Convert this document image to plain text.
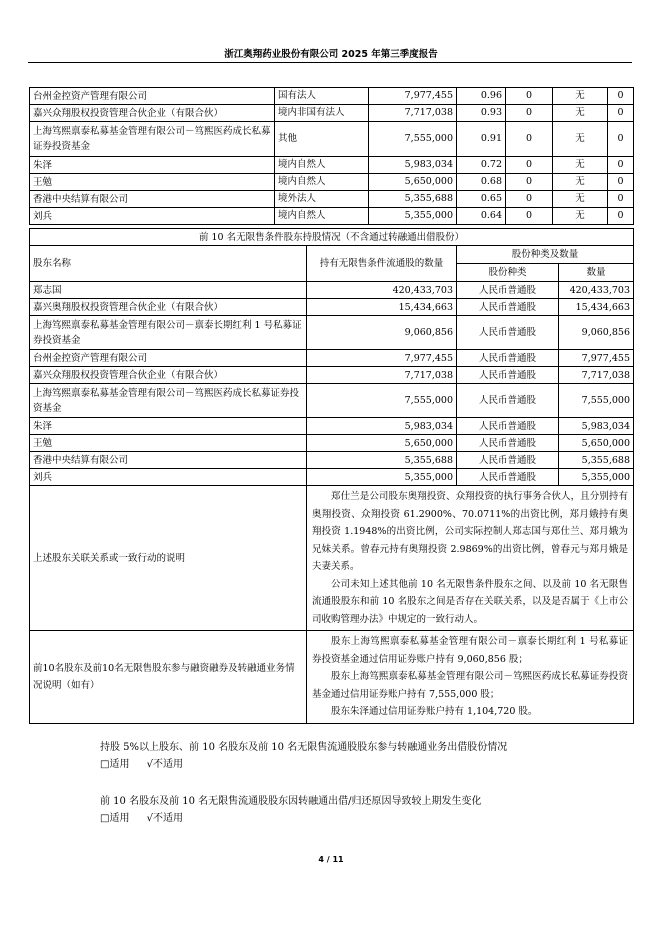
浙江奥翔药业股份有限公司 2025 年第三季度报告
台州金控资产管理有限公司	国有法人	7,977,455	0.96	0	无	0
嘉兴众翔股权投资管理合伙企业（有限合伙）	境内非国有法人	7,717,038	0.93	0	无	0
上海笃熙禀泰私募基金管理有限公司－笃熙医药成长私募证券投资基金	其他	7,555,000	0.91	0	无	0
朱泽	境内自然人	5,983,034	0.72	0	无	0
王勉	境内自然人	5,650,000	0.68	0	无	0
香港中央结算有限公司	境外法人	5,355,688	0.65	0	无	0
刘兵	境内自然人	5,355,000	0.64	0	无	0
前 10 名无限售条件股东持股情况（不含通过转融通出借股份）			
股东名称	持有无限售条件流通股的数量	股份种类及数量	
		股份种类	数量
郑志国	420,433,703	人民币普通股	420,433,703
嘉兴奥翔股权投资管理合伙企业（有限合伙）	15,434,663	人民币普通股	15,434,663
上海笃熙禀泰私募基金管理有限公司－禀泰长期红利 1 号私募证券投资基金	9,060,856	人民币普通股	9,060,856
台州金控资产管理有限公司	7,977,455	人民币普通股	7,977,455
嘉兴众翔股权投资管理合伙企业（有限合伙）	7,717,038	人民币普通股	7,717,038
上海笃熙禀泰私募基金管理有限公司－笃熙医药成长私募证券投资基金	7,555,000	人民币普通股	7,555,000
朱泽	5,983,034	人民币普通股	5,983,034
王勉	5,650,000	人民币普通股	5,650,000
香港中央结算有限公司	5,355,688	人民币普通股	5,355,688
刘兵	5,355,000	人民币普通股	5,355,000
上述股东关联关系或一致行动的说明	郑仕兰是公司股东奥翔投资、众翔投资的执行事务合伙人，且分别持有奥翔投资、众翔投资 61.2900%、70.0711%的出资比例，郑月娥持有奥翔投资 1.1948%的出资比例，公司实际控制人郑志国与郑仕兰、郑月娥为兄妹关系。曾春元持有奥翔投资 2.9869%的出资比例，曾春元与郑月娥是夫妻关系。

公司未知上述其他前 10 名无限售条件股东之间、以及前 10 名无限售流通股股东和前 10 名股东之间是否存在关联关系，以及是否属于《上市公司收购管理办法》中规定的一致行动人。		

前10名股东及前10名无限售股东参与融资融券及转融通业务情况说明（如有）	股东上海笃熙禀泰私募基金管理有限公司－禀泰长期红利 1 号私募证券投资基金通过信用证券账户持有 9,060,856 股；

股东上海笃熙禀泰私募基金管理有限公司－笃熙医药成长私募证券投资基金通过信用证券账户持有 7,555,000 股；

股东朱泽通过信用证券账户持有 1,104,720 股。		

持股 5%以上股东、前 10 名股东及前 10 名无限售流通股股东参与转融通业务出借股份情况
□适用 √不适用
前 10 名股东及前 10 名无限售流通股股东因转融通出借/归还原因导致较上期发生变化
□适用 √不适用
4 / 11
